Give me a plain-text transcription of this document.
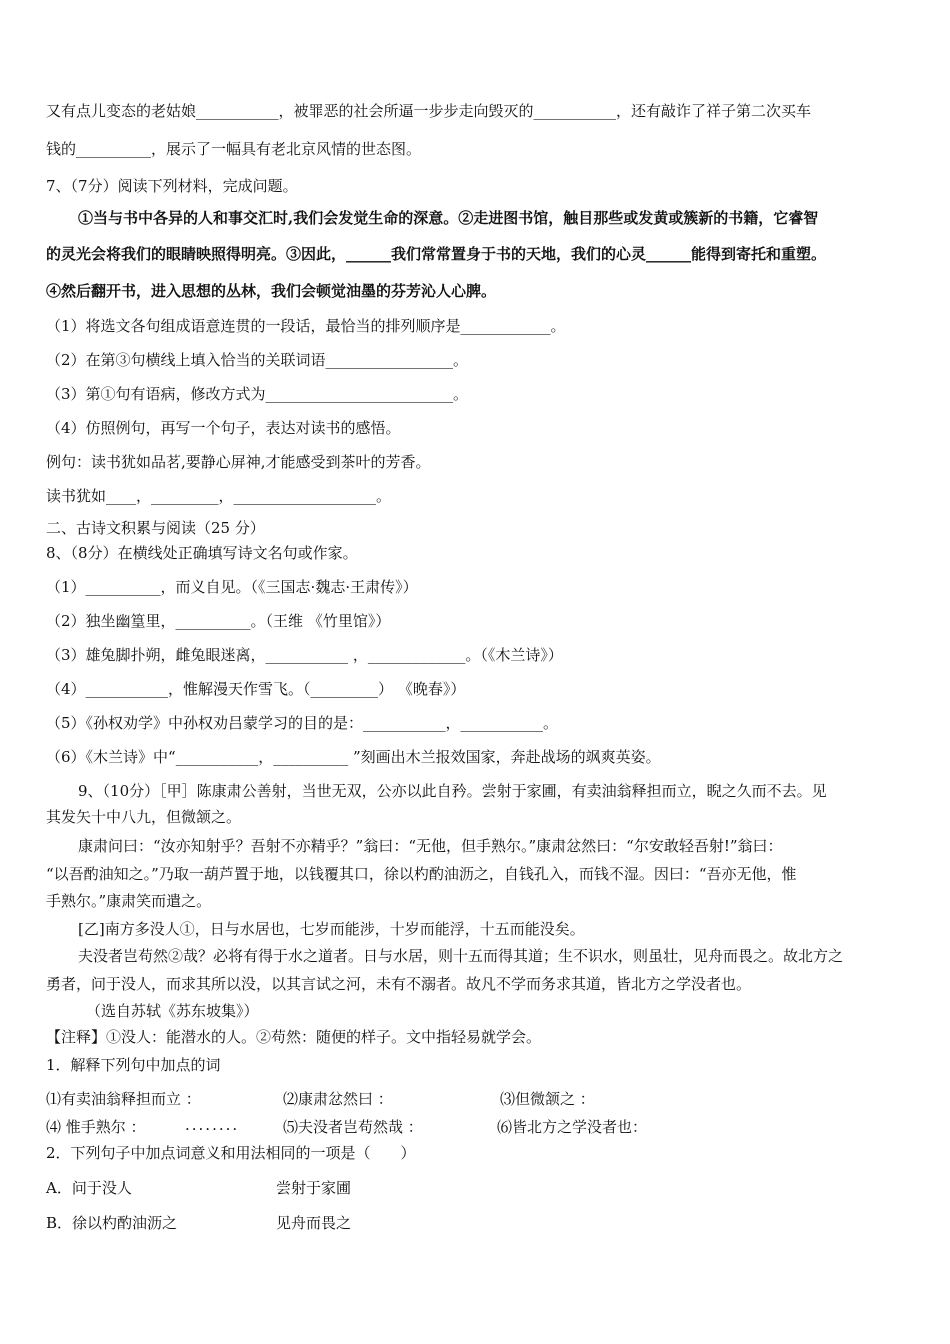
又有点儿变态的老姑娘___________，被罪恶的社会所逼一步步走向毁灭的___________，还有敲诈了祥子第二次买车
钱的__________，展示了一幅具有老北京风情的世态图。
7、（7分）阅读下列材料，完成问题。
①当与书中各异的人和事交汇时,我们会发觉生命的深意。②走进图书馆，触目那些或发黄或簇新的书籍，它睿智
的灵光会将我们的眼睛映照得明亮。③因此，______我们常常置身于书的天地，我们的心灵______能得到寄托和重塑。
④然后翻开书，进入思想的丛林，我们会顿觉油墨的芬芳沁人心脾。
（1）将选文各句组成语意连贯的一段话，最恰当的排列顺序是____________。
（2）在第③句横线上填入恰当的关联词语_________________。
（3）第①句有语病，修改方式为_________________________。
（4）仿照例句，再写一个句子，表达对读书的感悟。
例句：读书犹如品茗,要静心屏神,才能感受到茶叶的芳香。
读书犹如____，_________，___________________。
二、古诗文积累与阅读（25 分）
8、（8分）在横线处正确填写诗文名句或作家。
（1）__________，而义自见。（《三国志·魏志·王肃传》）
（2）独坐幽篁里，__________。（王维 《竹里馆》）
（3）雄兔脚扑朔，雌兔眼迷离，___________ ，_____________。（《木兰诗》）
（4）___________，惟解漫天作雪飞。（_________） 《晚春》）
（5）《孙权劝学》中孙权劝吕蒙学习的目的是：___________，___________。
（6）《木兰诗》中“___________，__________ ”刻画出木兰报效国家，奔赴战场的飒爽英姿。
9、（10分）［甲］陈康肃公善射，当世无双，公亦以此自矜。尝射于家圃，有卖油翁释担而立，睨之久而不去。见
其发矢十中八九，但微颔之。
康肃问曰：“汝亦知射乎？吾射不亦精乎？”翁曰：“无他，但手熟尔。”康肃忿然曰：“尔安敢轻吾射!”翁曰：
“以吾酌油知之。”乃取一葫芦置于地，以钱覆其口，徐以杓酌油沥之，自钱孔入，而钱不湿。因曰：“吾亦无他，惟
手熟尔。”康肃笑而遣之。
[乙]南方多没人①，日与水居也，七岁而能涉，十岁而能浮，十五而能没矣。
夫没者岂苟然②哉？必将有得于水之道者。日与水居，则十五而得其道；生不识水，则虽壮，见舟而畏之。故北方之
勇者，问于没人，而求其所以没，以其言试之河，未有不溺者。故凡不学而务求其道，皆北方之学没者也。
（选自苏轼《苏东坡集》）
【注释】①没人：能潜水的人。②苟然：随便的样子。文中指轻易就学会。
1．解释下列句中加点的词
⑴有卖油翁释担而立 ：	⑵康肃忿然曰 ：	⑶但微颔之 ：
⑷ 惟手熟尔 ：	........	⑸夫没者岂苟然哉 ：	⑹皆北方之学没者也：
2．下列句子中加点词意义和用法相同的一项是（　　）
A．问于没人	尝射于家圃
B．徐以杓酌油沥之	见舟而畏之
